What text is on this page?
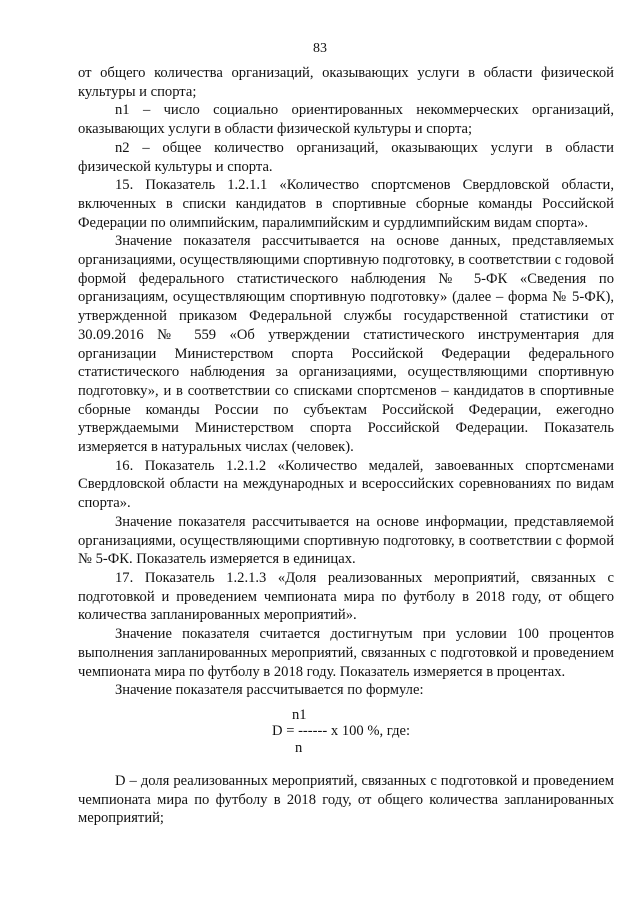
83

от общего количества организаций, оказывающих услуги в области физической культуры и спорта;

n1 – число социально ориентированных некоммерческих организаций, оказывающих услуги в области физической культуры и спорта;

n2 – общее количество организаций, оказывающих услуги в области физической культуры и спорта.

15. Показатель 1.2.1.1 «Количество спортсменов Свердловской области, включенных в списки кандидатов в спортивные сборные команды Российской Федерации по олимпийским, паралимпийским и сурдлимпийским видам спорта».

Значение показателя рассчитывается на основе данных, представляемых организациями, осуществляющими спортивную подготовку, в соответствии с годовой формой федерального статистического наблюдения № 5-ФК «Сведения по организациям, осуществляющим спортивную подготовку» (далее – форма № 5-ФК), утвержденной приказом Федеральной службы государственной статистики от 30.09.2016 № 559 «Об утверждении статистического инструментария для организации Министерством спорта Российской Федерации федерального статистического наблюдения за организациями, осуществляющими спортивную подготовку», и в соответствии со списками спортсменов – кандидатов в спортивные сборные команды России по субъектам Российской Федерации, ежегодно утверждаемыми Министерством спорта Российской Федерации. Показатель измеряется в натуральных числах (человек).

16. Показатель 1.2.1.2 «Количество медалей, завоеванных спортсменами Свердловской области на международных и всероссийских соревнованиях по видам спорта».

Значение показателя рассчитывается на основе информации, представляемой организациями, осуществляющими спортивную подготовку, в соответствии с формой № 5-ФК. Показатель измеряется в единицах.

17. Показатель 1.2.1.3 «Доля реализованных мероприятий, связанных с подготовкой и проведением чемпионата мира по футболу в 2018 году, от общего количества запланированных мероприятий».

Значение показателя считается достигнутым при условии 100 процентов выполнения запланированных мероприятий, связанных с подготовкой и проведением чемпионата мира по футболу в 2018 году. Показатель измеряется в процентах.

Значение показателя рассчитывается по формуле:

n1
D = ------ x 100 %, где:
n

D – доля реализованных мероприятий, связанных с подготовкой и проведением чемпионата мира по футболу в 2018 году, от общего количества запланированных мероприятий;
